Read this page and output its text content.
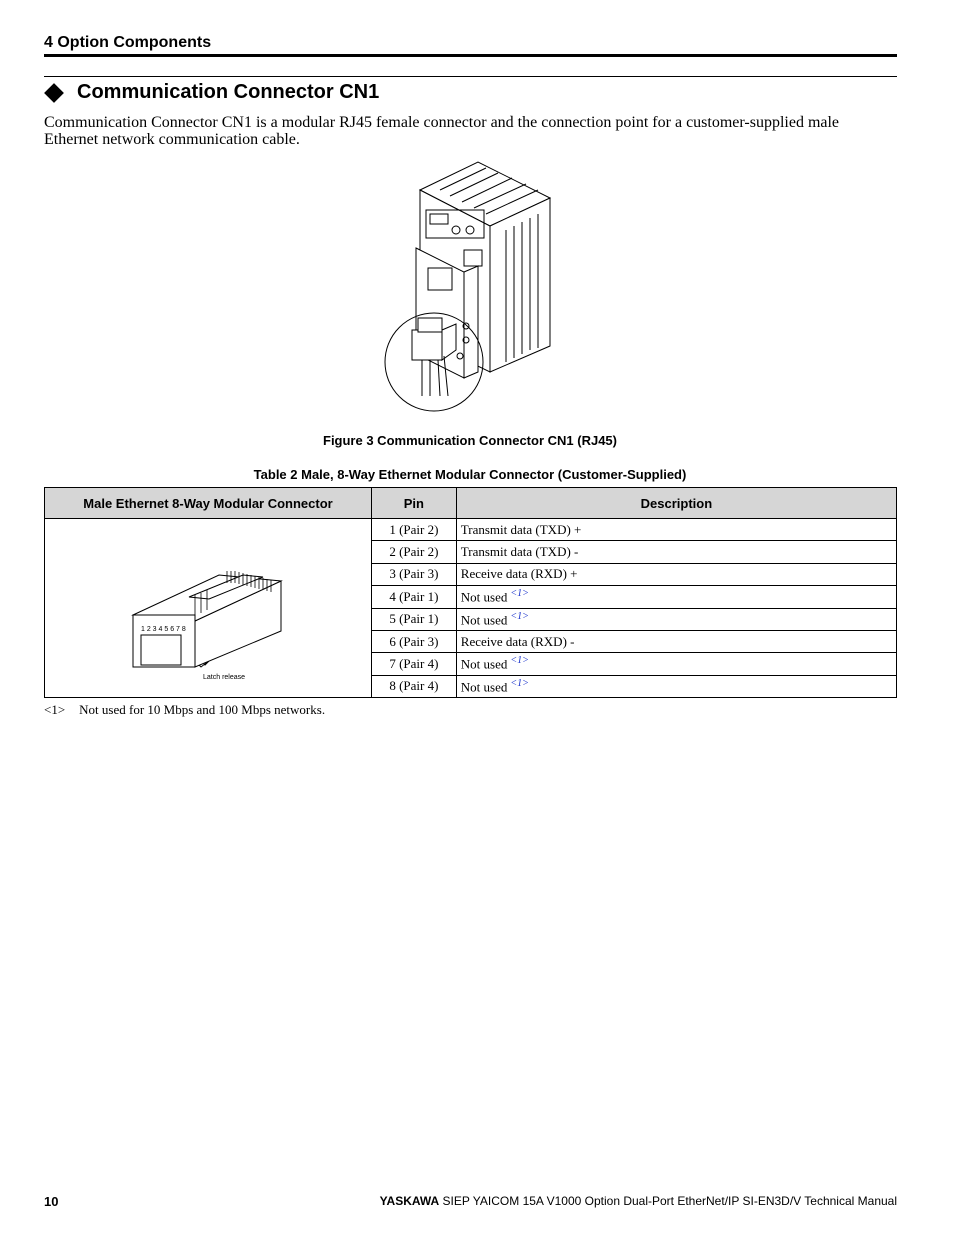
4 Option Components
Communication Connector CN1
Communication Connector CN1 is a modular RJ45 female connector and the connection point for a customer-supplied male Ethernet network communication cable.
Figure 3 Communication Connector CN1 (RJ45)
Table 2 Male, 8-Way Ethernet Modular Connector (Customer-Supplied)
Male Ethernet 8-Way Modular Connector	Pin	Description

1 2 3 4 5 6 7 8
Latch release	1 (Pair 2)	Transmit data (TXD) +
	2 (Pair 2)	Transmit data (TXD) -
	3 (Pair 3)	Receive data (RXD) +
	4 (Pair 1)	Not used $^{<1>}$
	5 (Pair 1)	Not used $^{<1>}$
	6 (Pair 3)	Receive data (RXD) -
	7 (Pair 4)	Not used $^{<1>}$
	8 (Pair 4)	Not used $^{<1>}$
<1> Not used for 10 Mbps and 100 Mbps networks.
10	YASKAWA SIEP YAICOM 15A V1000 Option Dual-Port EtherNet/IP SI-EN3D/V Technical Manual
